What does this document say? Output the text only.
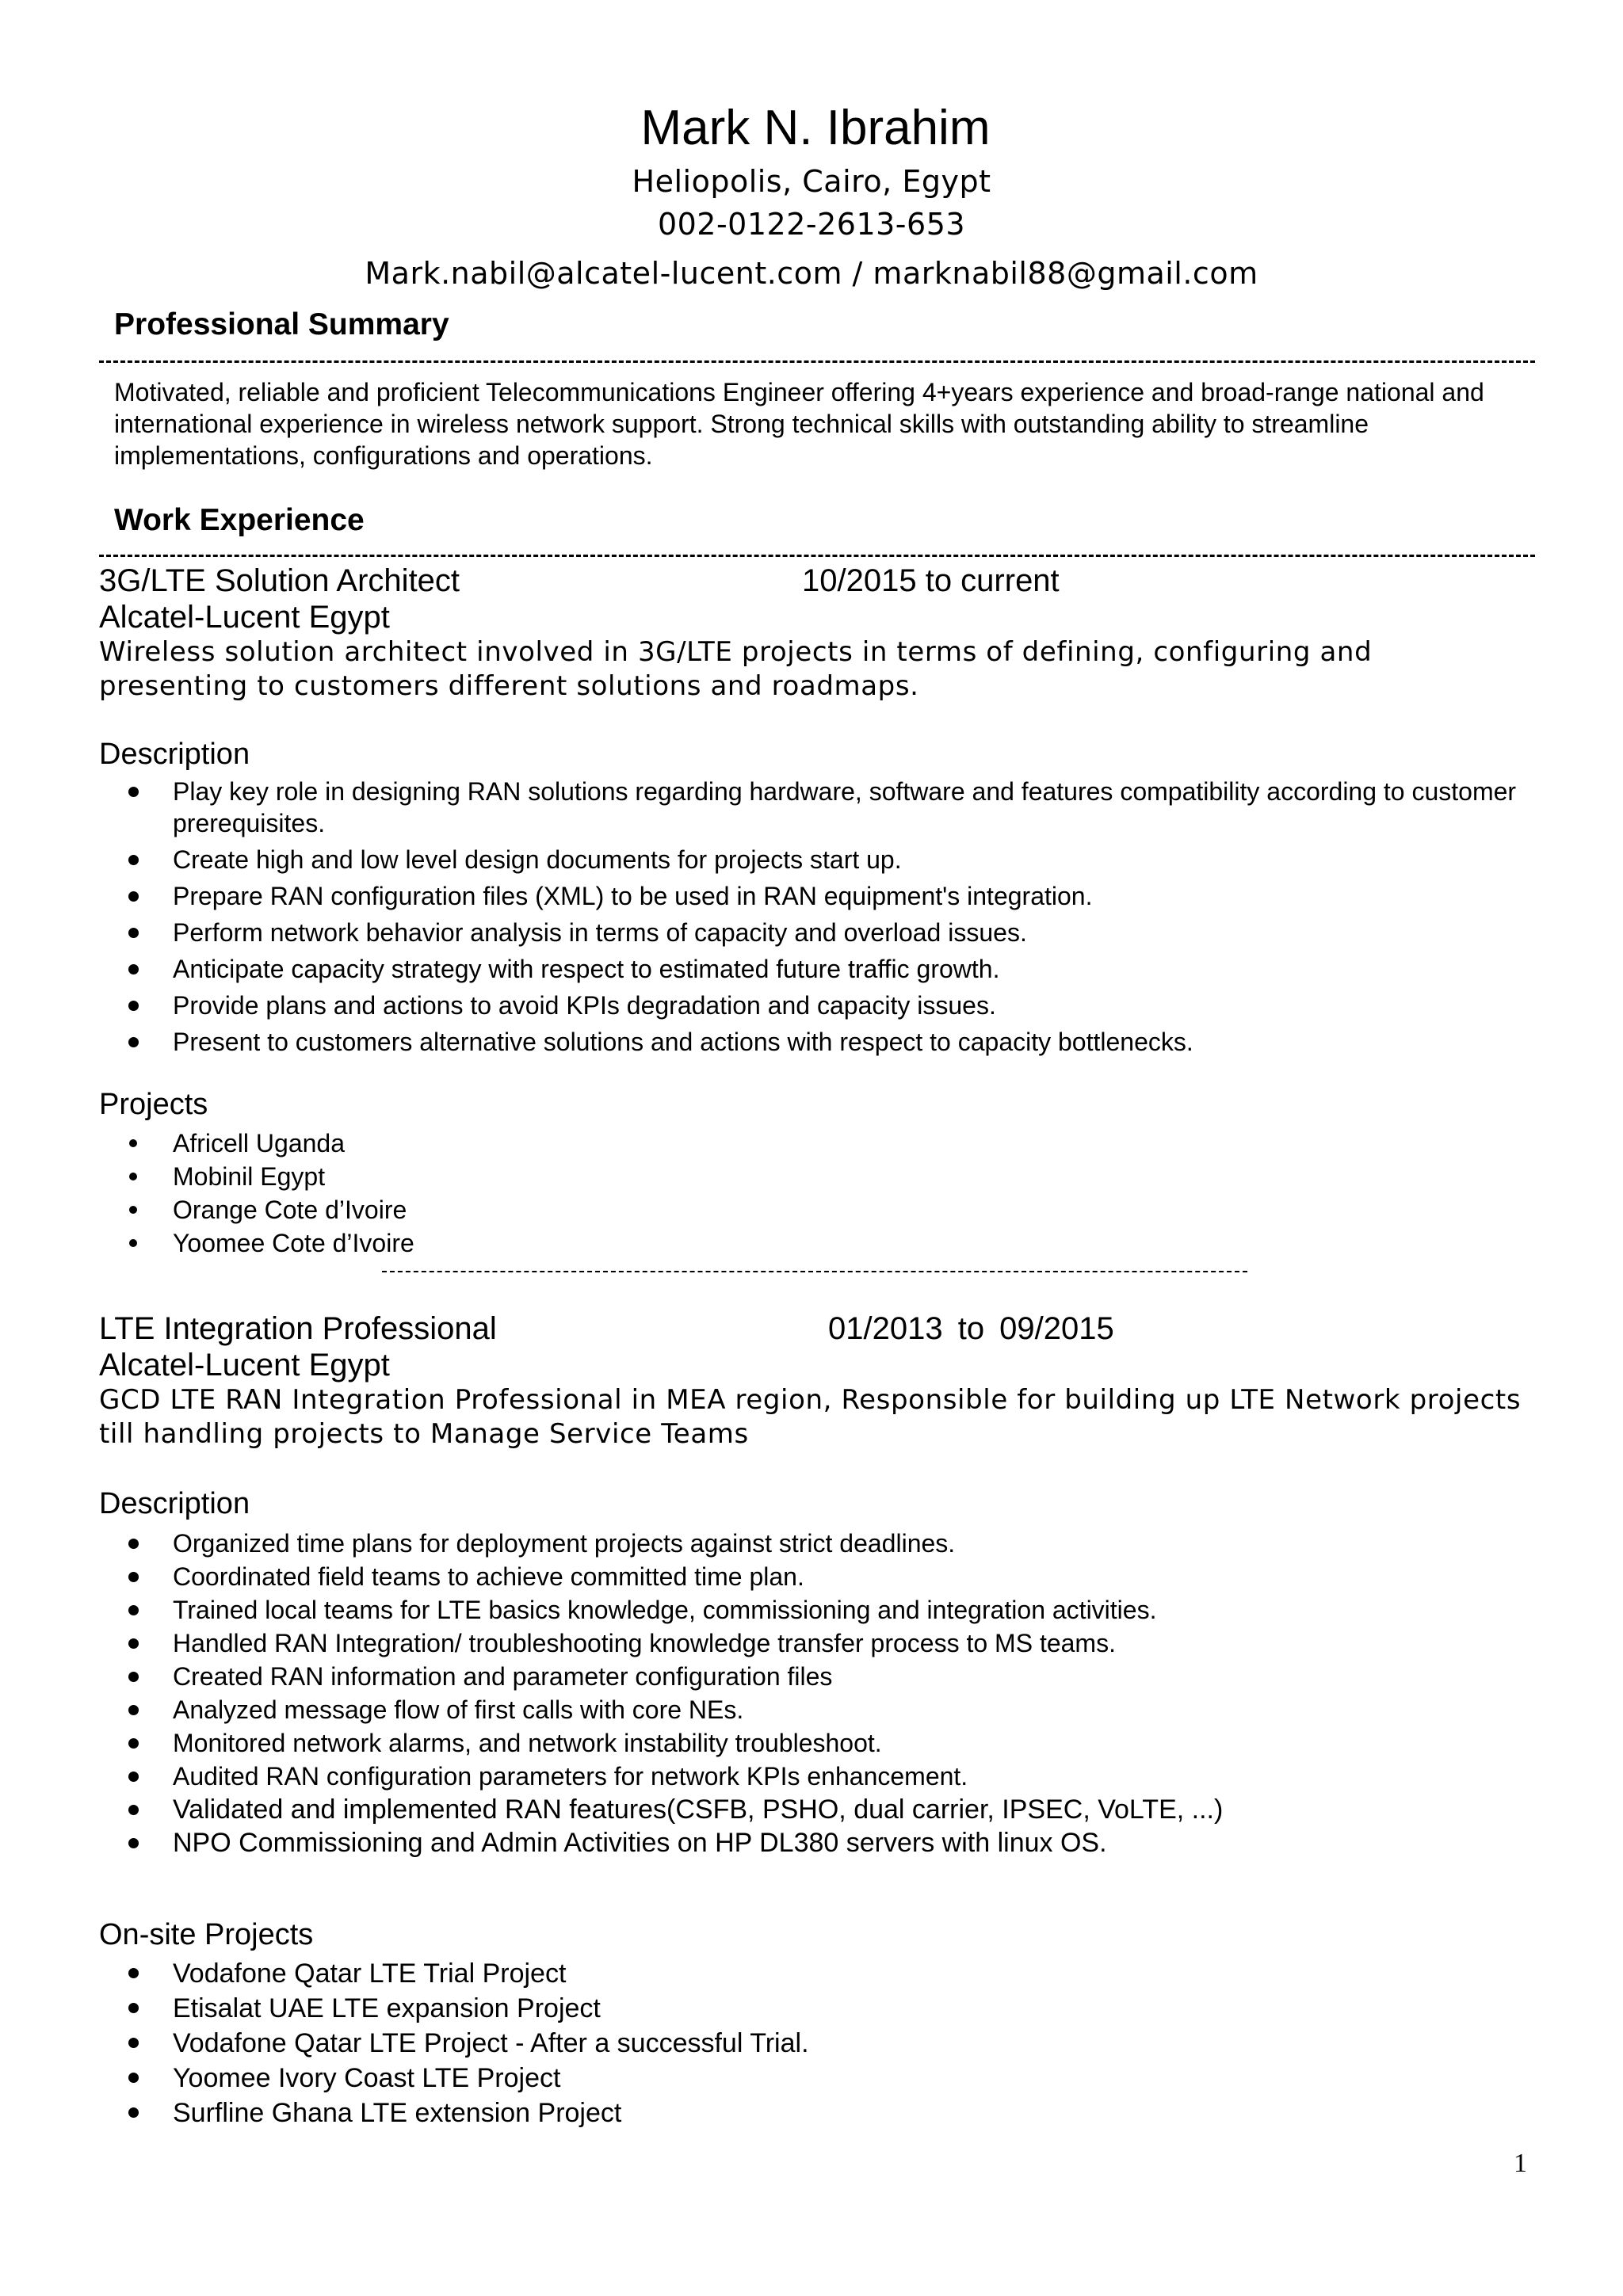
Mark N. Ibrahim
Heliopolis, Cairo, Egypt
002-0122-2613-653
Mark.nabil@alcatel-lucent.com / marknabil88@gmail.com
Professional Summary
Motivated, reliable and proficient Telecommunications Engineer offering 4+years experience and broad-range national and international experience in wireless network support. Strong technical skills with outstanding ability to streamline implementations, configurations and operations.
Work Experience
3G/LTE Solution Architect	10/2015 to current
Alcatel-Lucent Egypt
Wireless solution architect involved in 3G/LTE projects in terms of defining, configuring and presenting to customers different solutions and roadmaps.
Description
Play key role in designing RAN solutions regarding hardware, software and features compatibility according to customer prerequisites.
Create high and low level design documents for projects start up.
Prepare RAN configuration files (XML) to be used in RAN equipment's integration.
Perform network behavior analysis in terms of capacity and overload issues.
Anticipate capacity strategy with respect to estimated future traffic growth.
Provide plans and actions to avoid KPIs degradation and capacity issues.
Present to customers alternative solutions and actions with respect to capacity bottlenecks.
Projects
Africell Uganda
Mobinil Egypt
Orange Cote d’Ivoire
Yoomee Cote d’Ivoire
LTE Integration Professional	01/2013 to 09/2015
Alcatel-Lucent Egypt
GCD LTE RAN Integration Professional in MEA region, Responsible for building up LTE Network projects till handling projects to Manage Service Teams
Description
Organized time plans for deployment projects against strict deadlines.
Coordinated field teams to achieve committed time plan.
Trained local teams for LTE basics knowledge, commissioning and integration activities.
Handled RAN Integration/ troubleshooting knowledge transfer process to MS teams.
Created RAN information and parameter configuration files
Analyzed message flow of first calls with core NEs.
Monitored network alarms, and network instability troubleshoot.
Audited RAN configuration parameters for network KPIs enhancement.
Validated and implemented RAN features(CSFB, PSHO, dual carrier, IPSEC, VoLTE, ...)
NPO Commissioning and Admin Activities on HP DL380 servers with linux OS.
On-site Projects
Vodafone Qatar LTE Trial Project
Etisalat UAE LTE expansion Project
Vodafone Qatar LTE Project - After a successful Trial.
Yoomee Ivory Coast LTE Project
Surfline Ghana LTE extension Project
1
